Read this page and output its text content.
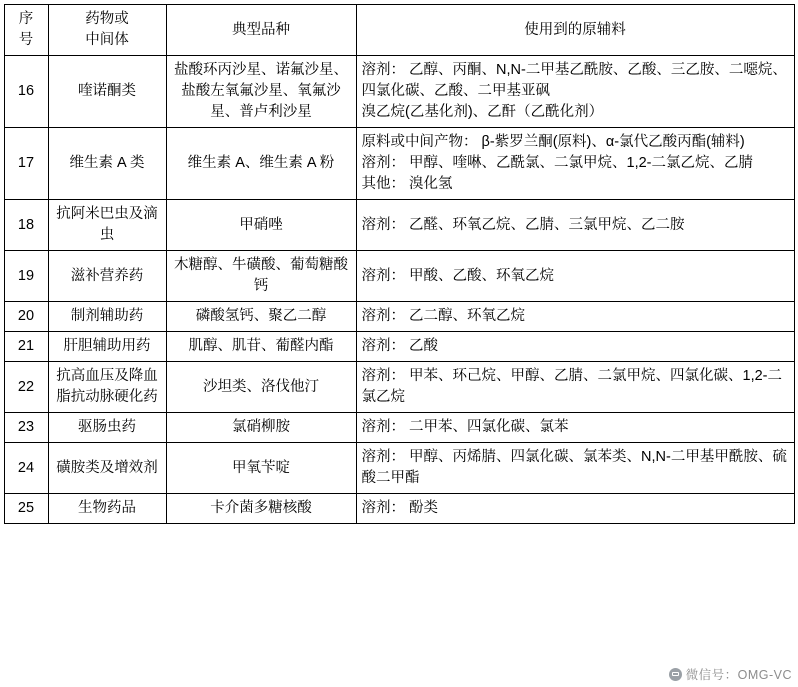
序
号	药物或
中间体	典型品种	使用到的原辅料
16	喹诺酮类	盐酸环丙沙星、诺氟沙星、盐酸左氧氟沙星、氧氟沙星、普卢利沙星	溶剂： 乙醇、丙酮、N,N-二甲基乙酰胺、乙酸、三乙胺、二噁烷、四氯化碳、乙酸、二甲基亚砜
溴乙烷(乙基化剂)、乙酐（乙酰化剂）

17	维生素 A 类	维生素 A、维生素 A 粉	原料或中间产物： β-紫罗兰酮(原料)、α-氯代乙酸丙酯(辅料)
溶剂： 甲醇、喹啉、乙酰氯、二氯甲烷、1,2-二氯乙烷、乙腈
其他： 溴化氢

18	抗阿米巴虫及滴虫	甲硝唑	溶剂： 乙醛、环氧乙烷、乙腈、三氯甲烷、乙二胺

19	滋补营养药	木糖醇、牛磺酸、葡萄糖酸钙	溶剂： 甲酸、乙酸、环氧乙烷

20	制剂辅助药	磷酸氢钙、聚乙二醇	溶剂： 乙二醇、环氧乙烷

21	肝胆辅助用药	肌醇、肌苷、葡醛内酯	溶剂： 乙酸

22	抗高血压及降血脂抗动脉硬化药	沙坦类、洛伐他汀	溶剂： 甲苯、环己烷、甲醇、乙腈、二氯甲烷、四氯化碳、1,2-二氯乙烷

23	驱肠虫药	氯硝柳胺	溶剂： 二甲苯、四氯化碳、氯苯

24	磺胺类及增效剂	甲氧苄啶	溶剂： 甲醇、丙烯腈、四氯化碳、氯苯类、N,N-二甲基甲酰胺、硫酸二甲酯

25	生物药品	卡介菌多糖核酸	溶剂： 酚类
微信号：OMG-VC
